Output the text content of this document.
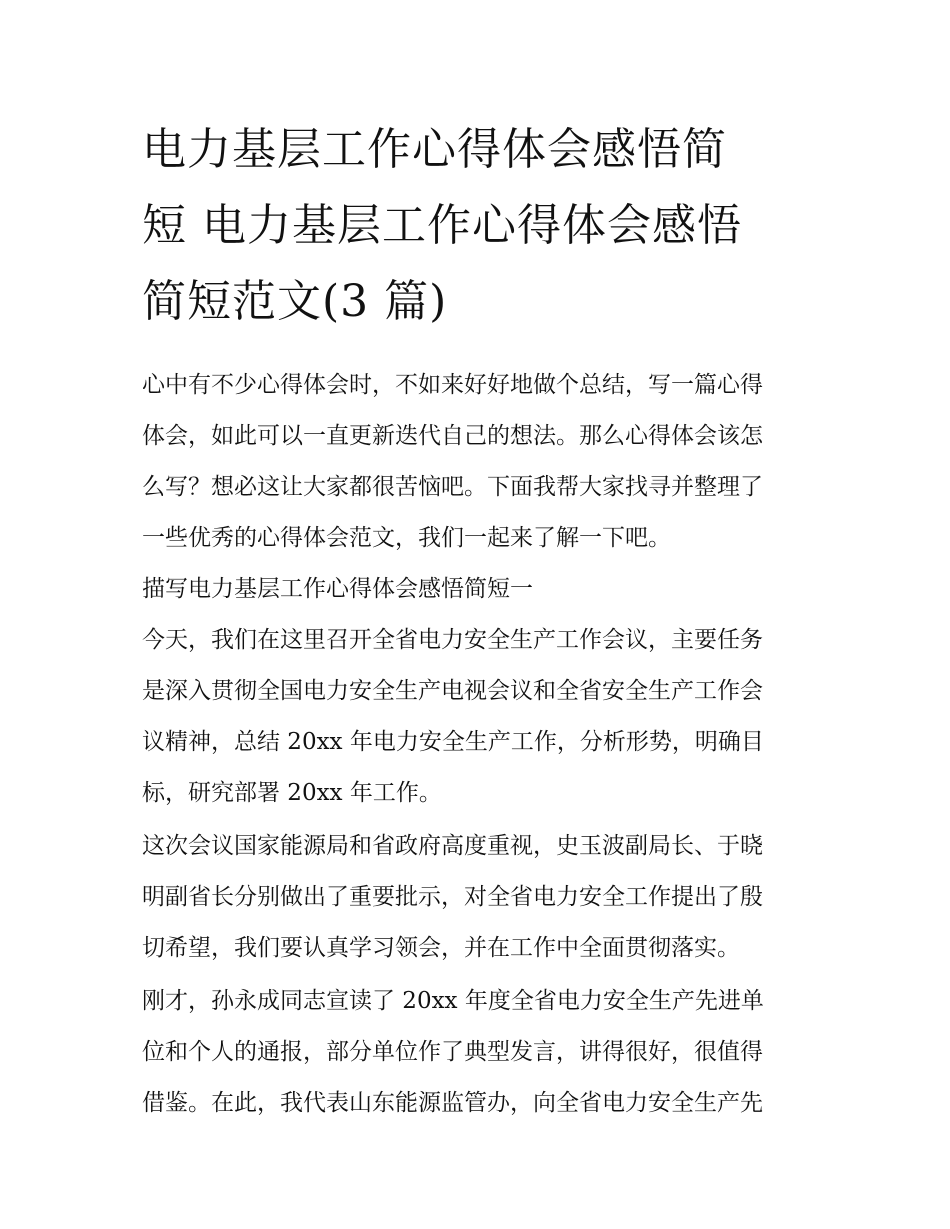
电力基层工作心得体会感悟简
短 电力基层工作心得体会感悟
简短范文(3 篇)
心中有不少心得体会时，不如来好好地做个总结，写一篇心得
体会，如此可以一直更新迭代自己的想法。那么心得体会该怎
么写？想必这让大家都很苦恼吧。下面我帮大家找寻并整理了
一些优秀的心得体会范文，我们一起来了解一下吧。
描写电力基层工作心得体会感悟简短一
今天，我们在这里召开全省电力安全生产工作会议，主要任务
是深入贯彻全国电力安全生产电视会议和全省安全生产工作会
议精神，总结 20xx 年电力安全生产工作，分析形势，明确目
标，研究部署 20xx 年工作。
这次会议国家能源局和省政府高度重视，史玉波副局长、于晓
明副省长分别做出了重要批示，对全省电力安全工作提出了殷
切希望，我们要认真学习领会，并在工作中全面贯彻落实。
刚才，孙永成同志宣读了 20xx 年度全省电力安全生产先进单
位和个人的通报，部分单位作了典型发言，讲得很好，很值得
借鉴。在此，我代表山东能源监管办，向全省电力安全生产先
